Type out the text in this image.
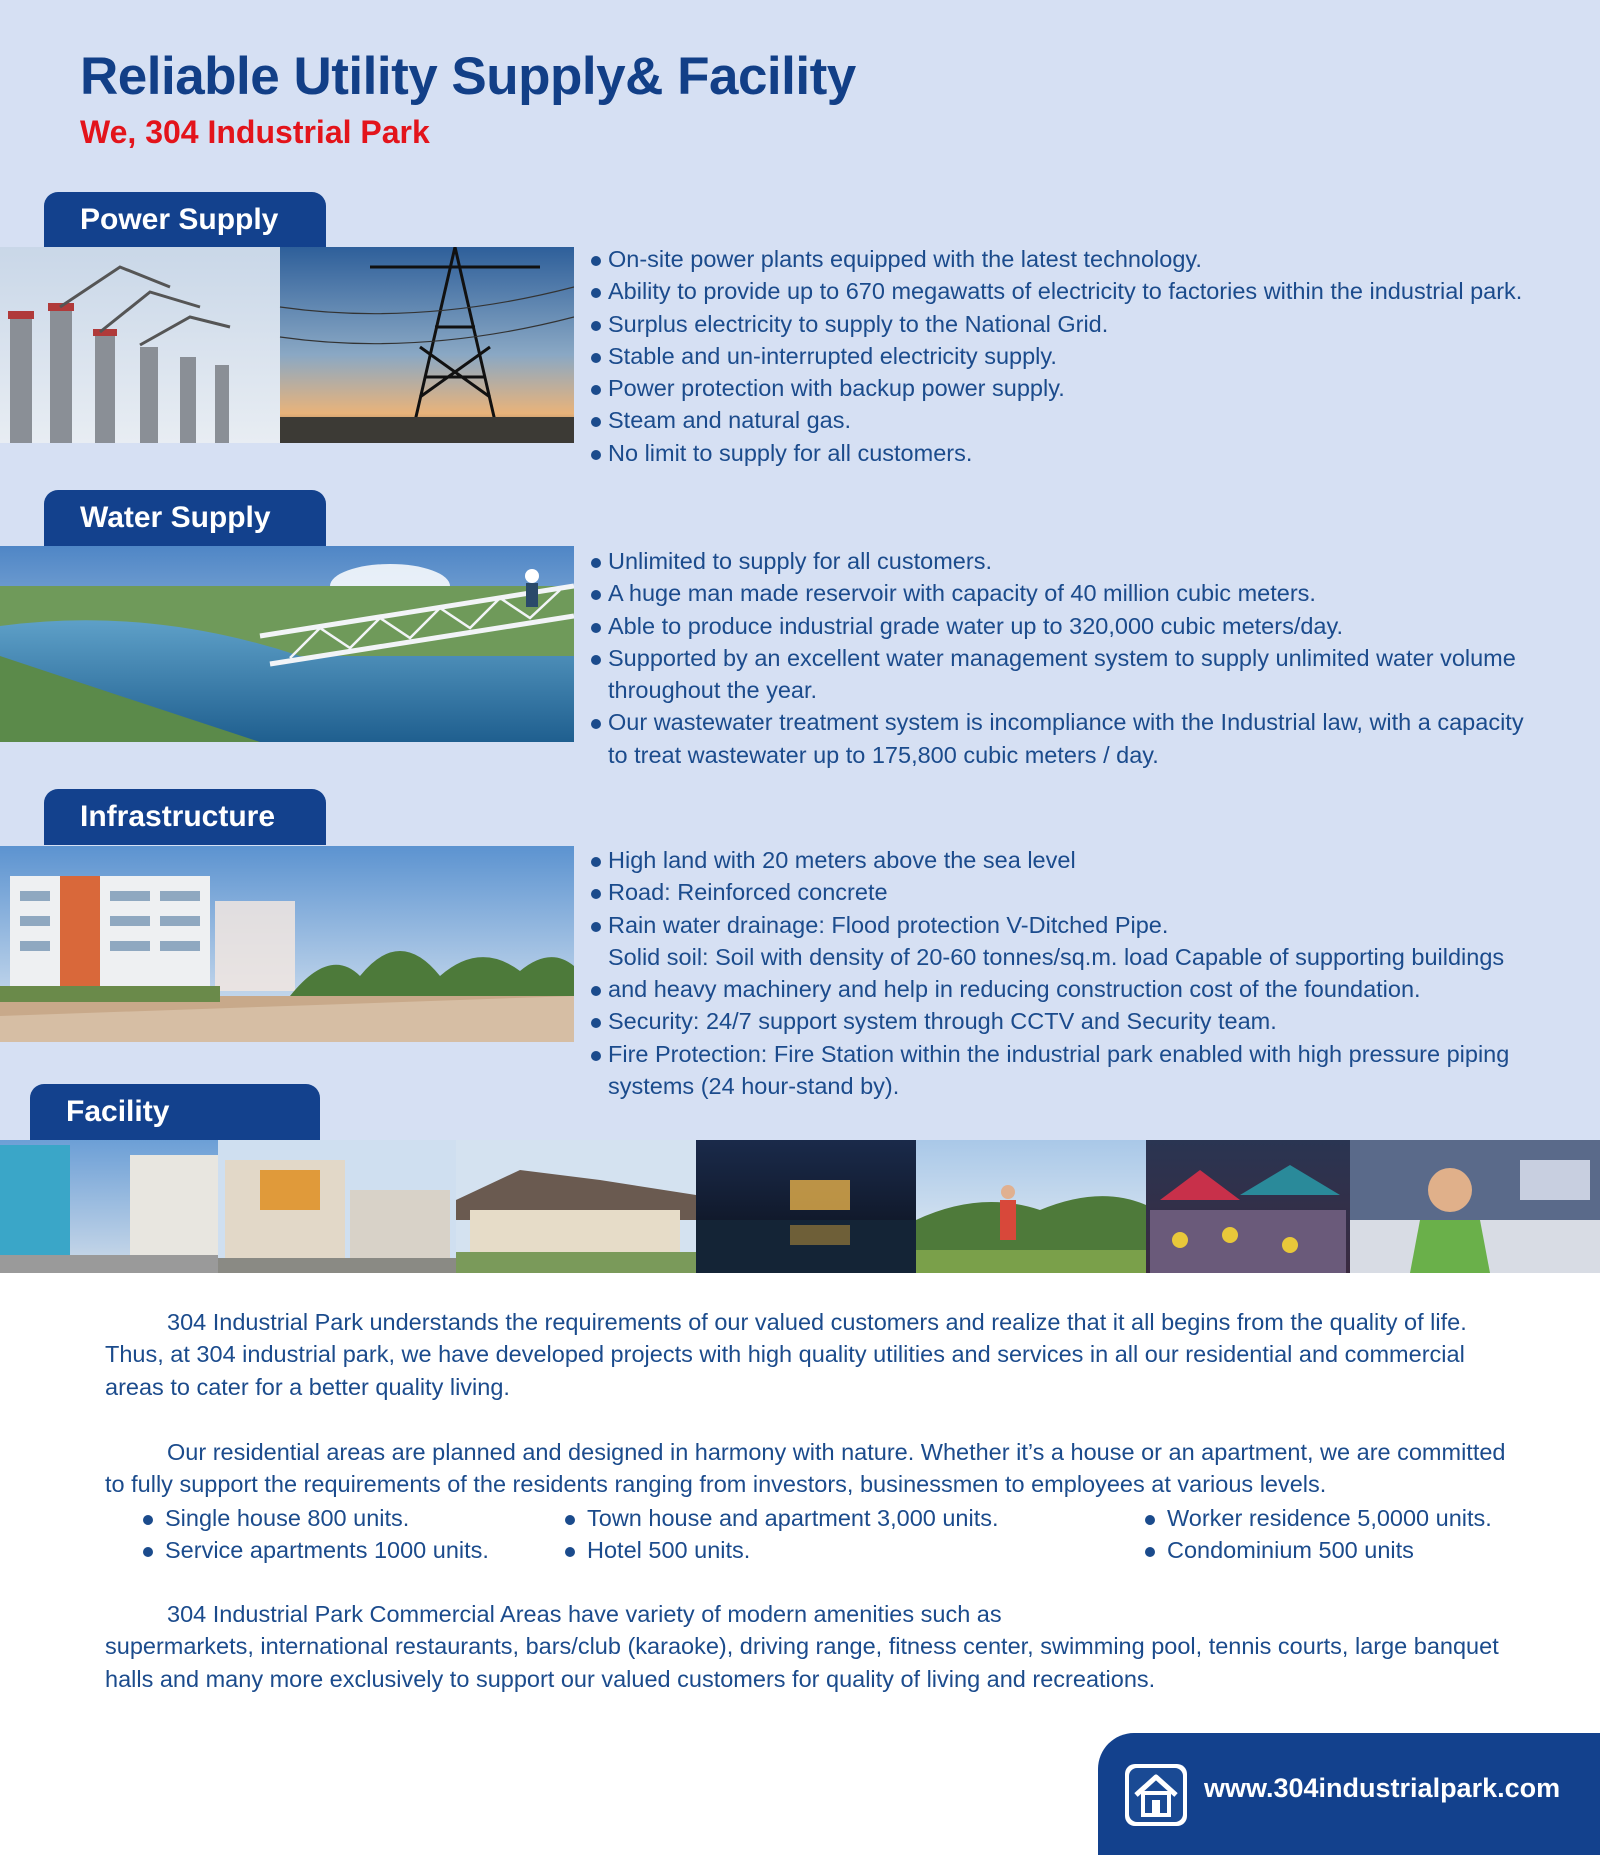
Reliable Utility Supply& Facility
We, 304 Industrial Park
Power Supply
On-site power plants equipped with the latest technology.
Ability to provide up to 670 megawatts of electricity to factories within the industrial park.
Surplus electricity to supply to the National Grid.
Stable and un-interrupted electricity supply.
Power protection with backup power supply.
Steam and natural gas.
No limit to supply for all customers.
Water Supply
Unlimited to supply for all customers.
A huge man made reservoir with capacity of 40 million cubic meters.
Able to produce industrial grade water up to 320,000 cubic meters/day.
Supported by an excellent water management system to supply unlimited water volume
throughout the year.
Our wastewater treatment system is incompliance with the Industrial law, with a capacity
to treat wastewater up to 175,800 cubic meters / day.
Infrastructure
High land with 20 meters above the sea level
Road: Reinforced concrete
Rain water drainage: Flood protection V-Ditched Pipe.
Solid soil: Soil with density of 20-60 tonnes/sq.m. load Capable of supporting buildings
and heavy machinery and help in reducing construction cost of the foundation.
Security: 24/7 support system through CCTV and Security team.
Fire Protection: Fire Station within the industrial park enabled with high pressure piping
systems (24 hour-stand by).
Facility
304 Industrial Park understands the requirements of our valued customers and realize that it all begins from the quality of life.
Thus, at 304 industrial park, we have developed projects with high quality utilities and services in all our residential and commercial
areas to cater for a better quality living.
Our residential areas are planned and designed in harmony with nature. Whether it’s a house or an apartment, we are committed
to fully support the requirements of the residents ranging from investors, businessmen to employees at various levels.
Single house 800 units.
Service apartments 1000 units.
Town house and apartment 3,000 units.
Hotel 500 units.
Worker residence 5,0000 units.
Condominium 500 units
304 Industrial Park Commercial Areas have variety of modern amenities such as
supermarkets, international restaurants, bars/club (karaoke), driving range, fitness center, swimming pool, tennis courts, large banquet
halls and many more exclusively to support our valued customers for quality of living and recreations.
www.304industrialpark.com
